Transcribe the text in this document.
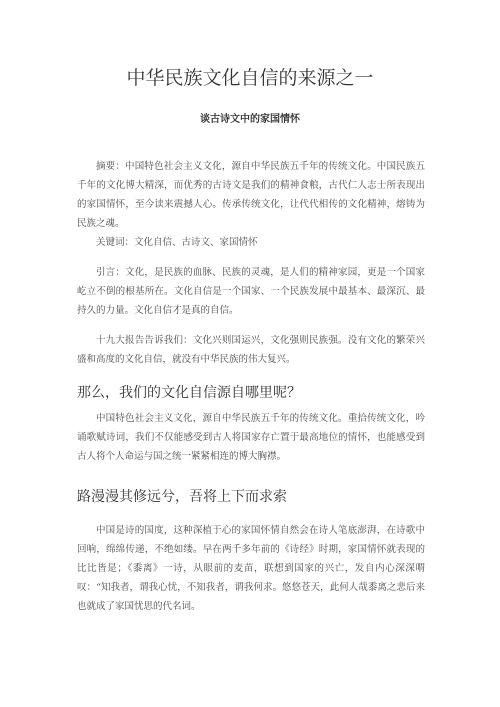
中华民族文化自信的来源之一

谈古诗文中的家国情怀

摘要：中国特色社会主义文化，源自中华民族五千年的传统文化。中国民族五千年的文化博大精深，而优秀的古诗文是我们的精神食粮，古代仁人志士所表现出的家国情怀，至今读来震撼人心。传承传统文化，让代代相传的文化精神，熔铸为民族之魂。

关键词：文化自信、古诗文、家国情怀

引言：文化，是民族的血脉、民族的灵魂，是人们的精神家园，更是一个国家屹立不倒的根基所在。文化自信是一个国家、一个民族发展中最基本、最深沉、最持久的力量。文化自信才是真的自信。

十九大报告告诉我们：文化兴则国运兴，文化强则民族强。没有文化的繁荣兴盛和高度的文化自信，就没有中华民族的伟大复兴。

那么，我们的文化自信源自哪里呢？

中国特色社会主义文化，源自中华民族五千年的传统文化。重拾传统文化，吟诵歌赋诗词，我们不仅能感受到古人将国家存亡置于最高地位的情怀，也能感受到古人将个人命运与国之统一紧紧相连的博大胸襟。

路漫漫其修远兮，吾将上下而求索

中国是诗的国度，这种深植于心的家国怀情自然会在诗人笔底澎湃，在诗歌中回响，绵绵传递，不绝如缕。早在两千多年前的《诗经》时期，家国情怀就表现的比比皆是；《黍离》一诗，从眼前的麦苗，联想到国家的兴亡，发自内心深深喟叹：“知我者，谓我心忧，不知我者，谓我何求。悠悠苍天，此何人哉黍离之悲后来也就成了家国忧思的代名词。
